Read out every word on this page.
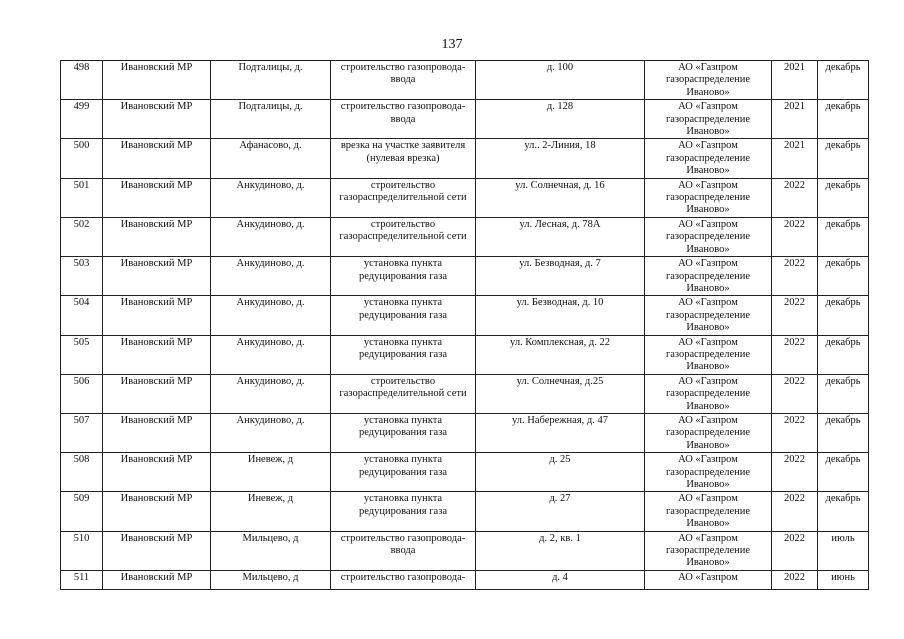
137
498	Ивановский МР	Подталицы, д.	строительство газопровода-ввода	д. 100	АО «Газпром газораспределение Иваново»	2021	декабрь
499	Ивановский МР	Подталицы, д.	строительство газопровода-ввода	д. 128	АО «Газпром газораспределение Иваново»	2021	декабрь
500	Ивановский МР	Афанасово, д.	врезка на участке заявителя (нулевая врезка)	ул.. 2-Линия, 18	АО «Газпром газораспределение Иваново»	2021	декабрь
501	Ивановский МР	Анкудиново, д.	строительство газораспределительной сети	ул. Солнечная, д. 16	АО «Газпром газораспределение Иваново»	2022	декабрь
502	Ивановский МР	Анкудиново, д.	строительство газораспределительной сети	ул. Лесная, д. 78А	АО «Газпром газораспределение Иваново»	2022	декабрь
503	Ивановский МР	Анкудиново, д.	установка пункта редуцирования газа	ул. Безводная, д. 7	АО «Газпром газораспределение Иваново»	2022	декабрь
504	Ивановский МР	Анкудиново, д.	установка пункта редуцирования газа	ул. Безводная, д. 10	АО «Газпром газораспределение Иваново»	2022	декабрь
505	Ивановский МР	Анкудиново, д.	установка пункта редуцирования газа	ул. Комплексная, д. 22	АО «Газпром газораспределение Иваново»	2022	декабрь
506	Ивановский МР	Анкудиново, д.	строительство газораспределительной сети	ул. Солнечная, д.25	АО «Газпром газораспределение Иваново»	2022	декабрь
507	Ивановский МР	Анкудиново, д.	установка пункта редуцирования газа	ул. Набережная, д. 47	АО «Газпром газораспределение Иваново»	2022	декабрь
508	Ивановский МР	Иневеж, д	установка пункта редуцирования газа	д. 25	АО «Газпром газораспределение Иваново»	2022	декабрь
509	Ивановский МР	Иневеж, д	установка пункта редуцирования газа	д. 27	АО «Газпром газораспределение Иваново»	2022	декабрь
510	Ивановский МР	Мильцево, д	строительство газопровода-ввода	д. 2, кв. 1	АО «Газпром газораспределение Иваново»	2022	июль
511	Ивановский МР	Мильцево, д	строительство газопровода-	д. 4	АО «Газпром	2022	июнь
